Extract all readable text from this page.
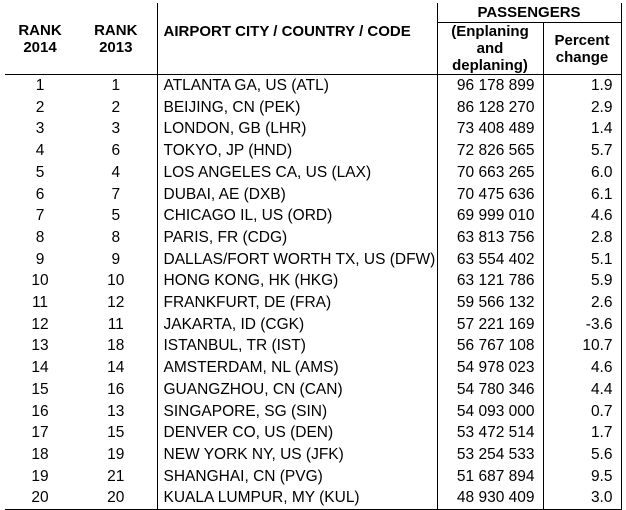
RANK 2014	RANK 2013	AIRPORT CITY / COUNTRY / CODE	PASSENGERS	

			(Enplaning and deplaning)	Percent change

1	1	ATLANTA GA, US (ATL)	96 178 899	1.9
2	2	BEIJING, CN (PEK)	86 128 270	2.9
3	3	LONDON, GB (LHR)	73 408 489	1.4
4	6	TOKYO, JP (HND)	72 826 565	5.7
5	4	LOS ANGELES CA, US (LAX)	70 663 265	6.0
6	7	DUBAI, AE (DXB)	70 475 636	6.1
7	5	CHICAGO IL, US (ORD)	69 999 010	4.6
8	8	PARIS, FR (CDG)	63 813 756	2.8
9	9	DALLAS/FORT WORTH TX, US (DFW)	63 554 402	5.1
10	10	HONG KONG, HK (HKG)	63 121 786	5.9
11	12	FRANKFURT, DE (FRA)	59 566 132	2.6
12	11	JAKARTA, ID (CGK)	57 221 169	-3.6
13	18	ISTANBUL, TR (IST)	56 767 108	10.7
14	14	AMSTERDAM, NL (AMS)	54 978 023	4.6
15	16	GUANGZHOU, CN (CAN)	54 780 346	4.4
16	13	SINGAPORE, SG (SIN)	54 093 000	0.7
17	15	DENVER CO, US (DEN)	53 472 514	1.7
18	19	NEW YORK NY, US (JFK)	53 254 533	5.6
19	21	SHANGHAI, CN (PVG)	51 687 894	9.5
20	20	KUALA LUMPUR, MY (KUL)	48 930 409	3.0
